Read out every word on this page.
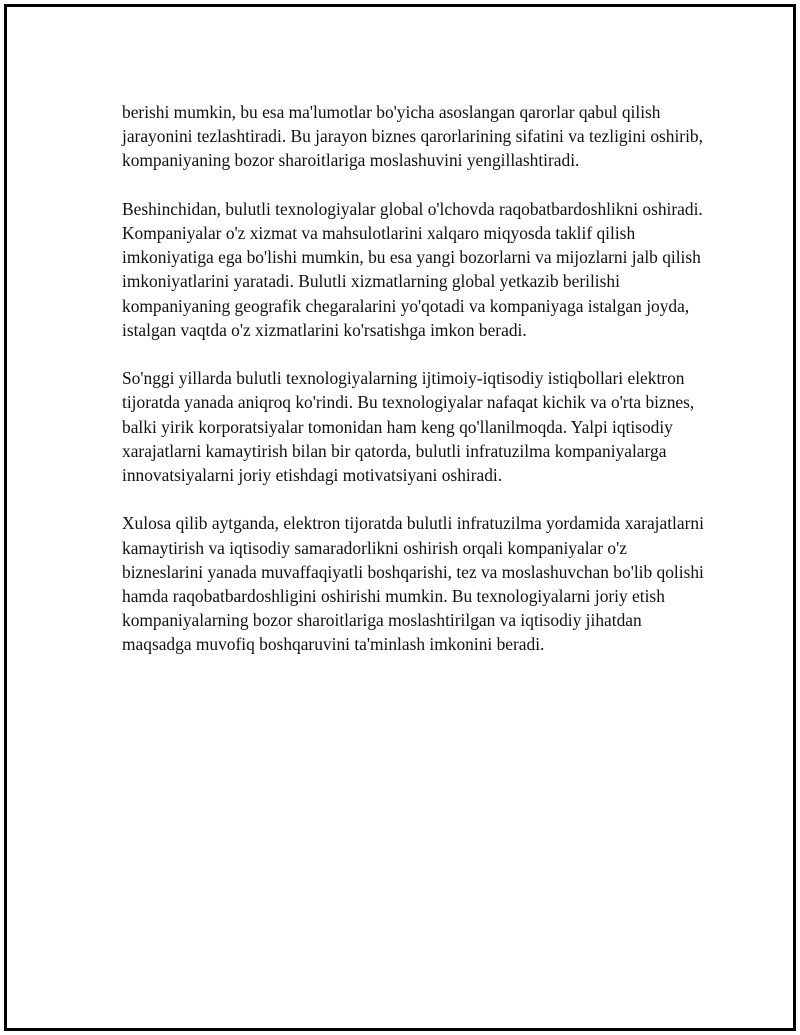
berishi mumkin, bu esa ma'lumotlar bo'yicha asoslangan qarorlar qabul qilish jarayonini tezlashtiradi. Bu jarayon biznes qarorlarining sifatini va tezligini oshirib, kompaniyaning bozor sharoitlariga moslashuvini yengillashtiradi.

Beshinchidan, bulutli texnologiyalar global o'lchovda raqobatbardoshlikni oshiradi. Kompaniyalar o'z xizmat va mahsulotlarini xalqaro miqyosda taklif qilish imkoniyatiga ega bo'lishi mumkin, bu esa yangi bozorlarni va mijozlarni jalb qilish imkoniyatlarini yaratadi. Bulutli xizmatlarning global yetkazib berilishi kompaniyaning geografik chegaralarini yo'qotadi va kompaniyaga istalgan joyda, istalgan vaqtda o'z xizmatlarini ko'rsatishga imkon beradi.

So'nggi yillarda bulutli texnologiyalarning ijtimoiy-iqtisodiy istiqbollari elektron tijoratda yanada aniqroq ko'rindi. Bu texnologiyalar nafaqat kichik va o'rta biznes, balki yirik korporatsiyalar tomonidan ham keng qo'llanilmoqda. Yalpi iqtisodiy xarajatlarni kamaytirish bilan bir qatorda, bulutli infratuzilma kompaniyalarga innovatsiyalarni joriy etishdagi motivatsiyani oshiradi.

Xulosa qilib aytganda, elektron tijoratda bulutli infratuzilma yordamida xarajatlarni kamaytirish va iqtisodiy samaradorlikni oshirish orqali kompaniyalar o'z bizneslarini yanada muvaffaqiyatli boshqarishi, tez va moslashuvchan bo'lib qolishi hamda raqobatbardoshligini oshirishi mumkin. Bu texnologiyalarni joriy etish kompaniyalarning bozor sharoitlariga moslashtirilgan va iqtisodiy jihatdan maqsadga muvofiq boshqaruvini ta'minlash imkonini beradi.
